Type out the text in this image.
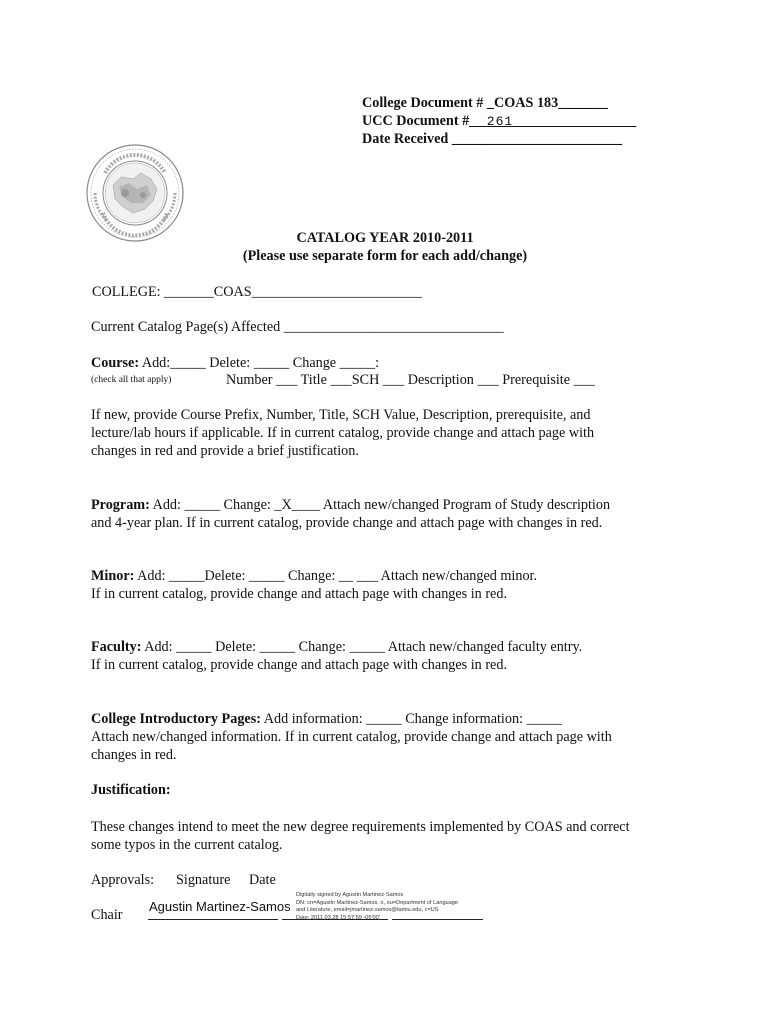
College Document # _COAS 183_______
UCC Document # 261
Date Received ________________________
CATALOG YEAR 2010-2011
(Please use separate form for each add/change)
COLLEGE: _______COAS________________________
Current Catalog Page(s) Affected _______________________________
Course: Add:_____ Delete: _____ Change _____:
(check all that apply)	Number ___ Title ___SCH ___ Description ___ Prerequisite ___
If new, provide Course Prefix, Number, Title, SCH Value, Description, prerequisite, and
lecture/lab hours if applicable. If in current catalog, provide change and attach page with
changes in red and provide a brief justification.
Program: Add: _____ Change: _X____ Attach new/changed Program of Study description
and 4-year plan. If in current catalog, provide change and attach page with changes in red.
Minor: Add: _____Delete: _____ Change: __ ___ Attach new/changed minor.
If in current catalog, provide change and attach page with changes in red.
Faculty: Add: _____ Delete: _____ Change: _____ Attach new/changed faculty entry.
If in current catalog, provide change and attach page with changes in red.
College Introductory Pages: Add information: _____ Change information: _____
Attach new/changed information. If in current catalog, provide change and attach page with
changes in red.
Justification:
These changes intend to meet the new degree requirements implemented by COAS and correct
some typos in the current catalog.
Approvals: Signature Date
Chair
Agustin Martinez-Samos
Digitally signed by Agustin Martinez-Samos
DN: cn=Agustin Martinez-Samos, o, ou=Department of Language
and Literature, email=jmartinez-samos@tamiu.edu, c=US
Date: 2011.03.28 15:57:59 -05'00'
